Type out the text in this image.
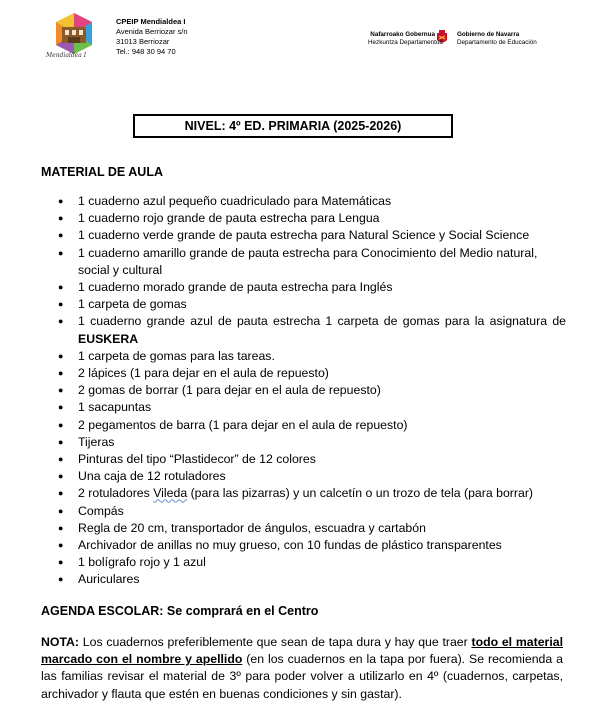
Mendialdea I
CPEIP Mendialdea I
Avenida Berriozar s/n
31013 Berriozar
Tel.: 948 30 94 70
Nafarroako Gobernua	Gobierno de Navarra
Hezkuntza Departamentua	Departamento de Educación
NIVEL: 4º ED. PRIMARIA (2025-2026)
MATERIAL DE AULA
● 1 cuaderno azul pequeño cuadriculado para Matemáticas
● 1 cuaderno rojo grande de pauta estrecha para Lengua
● 1 cuaderno verde grande de pauta estrecha para Natural Science y Social Science
● 1 cuaderno amarillo grande de pauta estrecha para Conocimiento del Medio natural, social y cultural
● 1 cuaderno morado grande de pauta estrecha para Inglés
● 1 carpeta de gomas
● 1 cuaderno grande azul de pauta estrecha 1 carpeta de gomas para la asignatura de EUSKERA
● 1 carpeta de gomas para las tareas.
● 2 lápices (1 para dejar en el aula de repuesto)
● 2 gomas de borrar (1 para dejar en el aula de repuesto)
● 1 sacapuntas
● 2 pegamentos de barra (1 para dejar en el aula de repuesto)
● Tijeras
● Pinturas del tipo “Plastidecor” de 12 colores
● Una caja de 12 rotuladores
● 2 rotuladores Vileda (para las pizarras) y un calcetín o un trozo de tela (para borrar)
● Compás
● Regla de 20 cm, transportador de ángulos, escuadra y cartabón
● Archivador de anillas no muy grueso, con 10 fundas de plástico transparentes
● 1 bolígrafo rojo y 1 azul
● Auriculares
AGENDA ESCOLAR: Se comprará en el Centro
NOTA: Los cuadernos preferiblemente que sean de tapa dura y hay que traer todo el material marcado con el nombre y apellido (en los cuadernos en la tapa por fuera). Se recomienda a las familias revisar el material de 3º para poder volver a utilizarlo en 4º (cuadernos, carpetas, archivador y flauta que estén en buenas condiciones y sin gastar).
